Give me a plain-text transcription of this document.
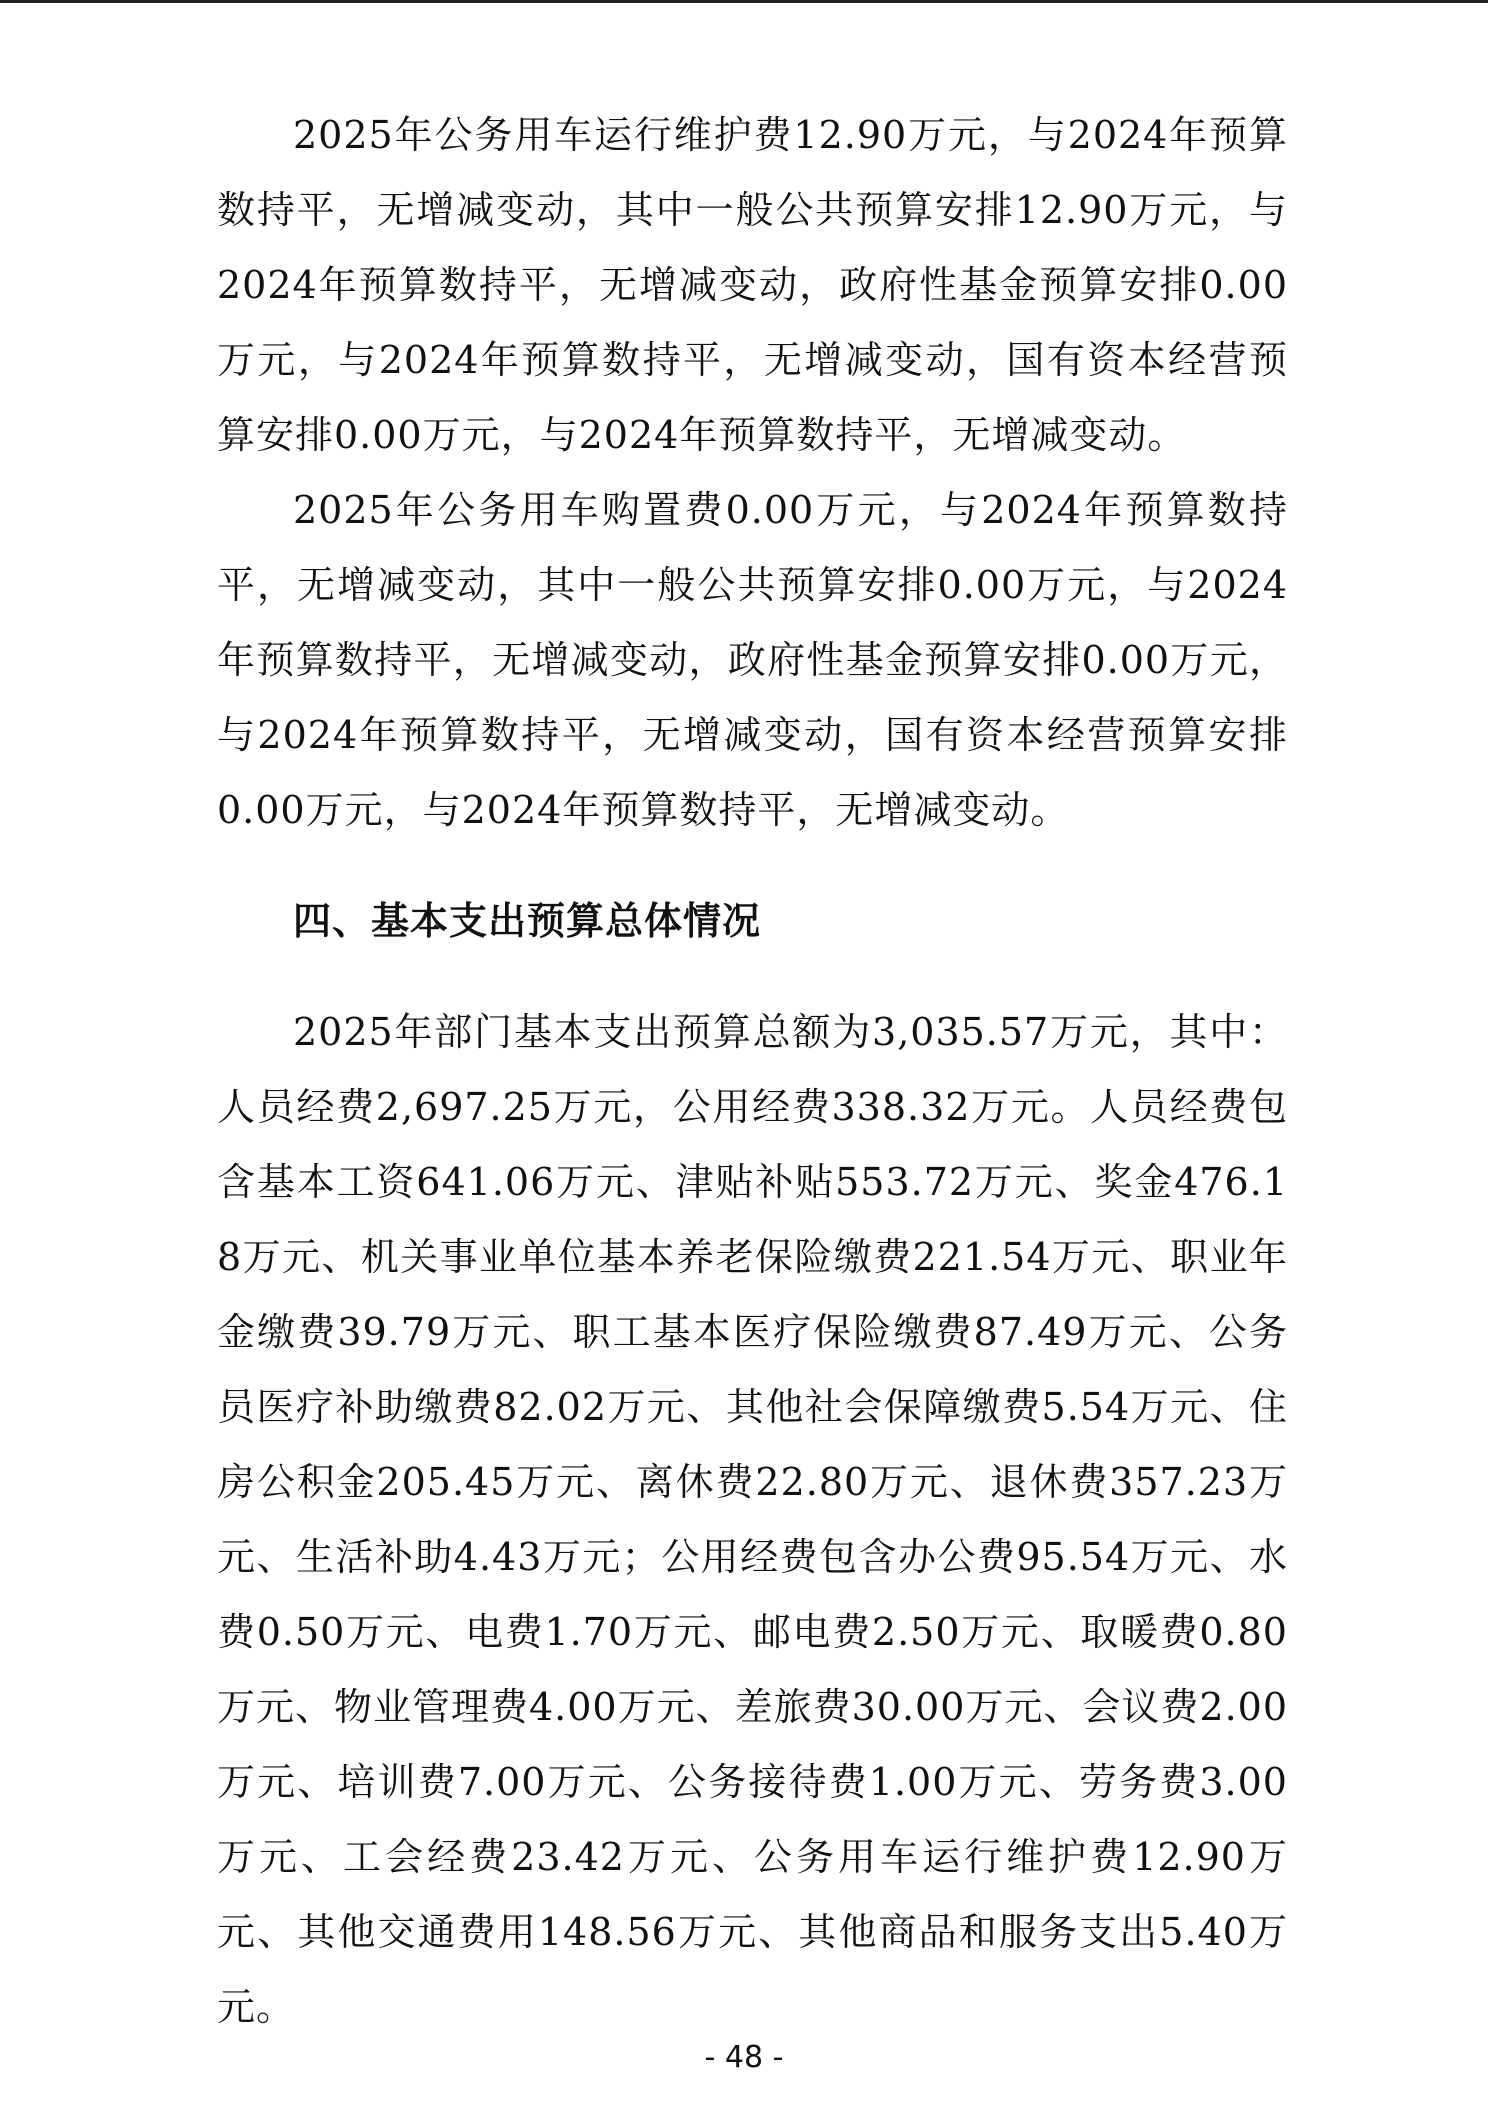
2025年公务用车运行维护费12.90万元，与2024年预算数持平，无增减变动，其中一般公共预算安排12.90万元，与2024年预算数持平，无增减变动，政府性基金预算安排0.00万元，与2024年预算数持平，无增减变动，国有资本经营预算安排0.00万元，与2024年预算数持平，无增减变动。

2025年公务用车购置费0.00万元，与2024年预算数持平，无增减变动，其中一般公共预算安排0.00万元，与2024年预算数持平，无增减变动，政府性基金预算安排0.00万元，与2024年预算数持平，无增减变动，国有资本经营预算安排0.00万元，与2024年预算数持平，无增减变动。

四、基本支出预算总体情况

2025年部门基本支出预算总额为3,035.57万元，其中：人员经费2,697.25万元，公用经费338.32万元。人员经费包含基本工资641.06万元、津贴补贴553.72万元、奖金476.18万元、机关事业单位基本养老保险缴费221.54万元、职业年金缴费39.79万元、职工基本医疗保险缴费87.49万元、公务员医疗补助缴费82.02万元、其他社会保障缴费5.54万元、住房公积金205.45万元、离休费22.80万元、退休费357.23万元、生活补助4.43万元；公用经费包含办公费95.54万元、水费0.50万元、电费1.70万元、邮电费2.50万元、取暖费0.80万元、物业管理费4.00万元、差旅费30.00万元、会议费2.00万元、培训费7.00万元、公务接待费1.00万元、劳务费3.00万元、工会经费23.42万元、公务用车运行维护费12.90万元、其他交通费用148.56万元、其他商品和服务支出5.40万元。

- 48 -
